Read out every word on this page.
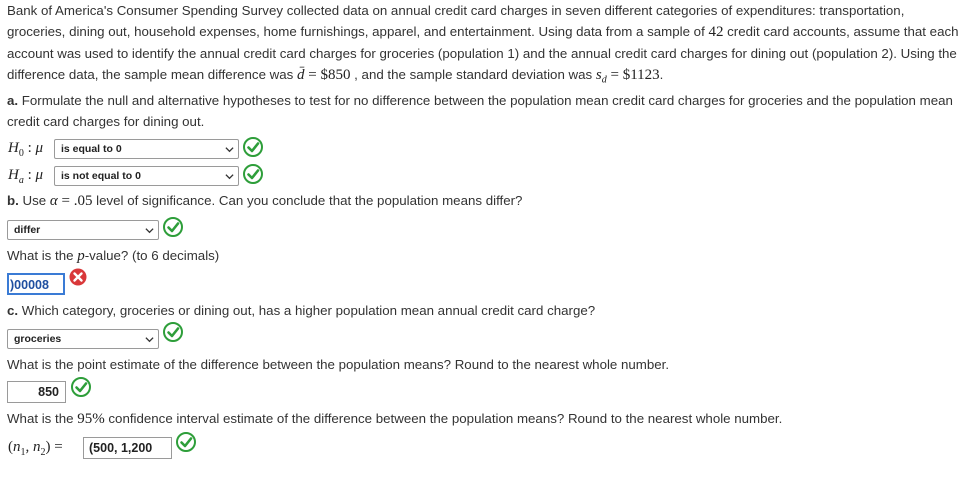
Bank of America's Consumer Spending Survey collected data on annual credit card charges in seven different categories of expenditures: transportation, groceries, dining out, household expenses, home furnishings, apparel, and entertainment. Using data from a sample of 42 credit card accounts, assume that each account was used to identify the annual credit card charges for groceries (population 1) and the annual credit card charges for dining out (population 2). Using the difference data, the sample mean difference was d̄ = $850 , and the sample standard deviation was $s_d$ = $1123.
a. Formulate the null and alternative hypotheses to test for no difference between the population mean credit card charges for groceries and the population mean credit card charges for dining out.
$H_0$ : μ	is equal to 0
$H_a$ : μ	is not equal to 0
b. Use α = .05 level of significance. Can you conclude that the population means differ?
differ
What is the p-value? (to 6 decimals)
)00008
c. Which category, groceries or dining out, has a higher population mean annual credit card charge?
groceries
What is the point estimate of the difference between the population means? Round to the nearest whole number.
850
What is the 95% confidence interval estimate of the difference between the population means? Round to the nearest whole number.
($n_1$, $n_2$) =	(500, 1,200
